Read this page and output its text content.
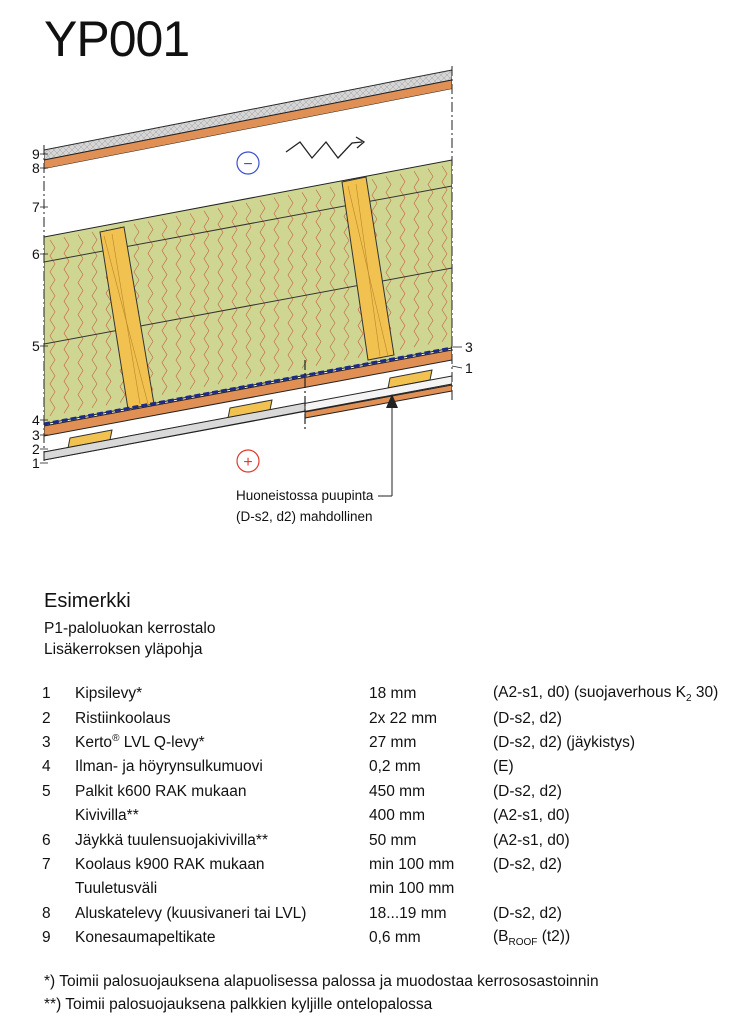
YP001
9
8
7
6
5
4
3
2
1
3
1
−
+
Huoneistossa puupinta
(D-s2, d2) mahdollinen
Esimerkki
P1-paloluokan kerrostalo
Lisäkerroksen yläpohja
1	Kipsilevy*	18 mm	(A2-s1, d0) (suojaverhous $K_2$ 30)
2	Ristiinkoolaus	2x 22 mm	(D-s2, d2)
3	Kerto® LVL Q-levy*	27 mm	(D-s2, d2) (jäykistys)
4	Ilman- ja höyrynsulkumuovi	0,2 mm	(E)
5	Palkit k600 RAK mukaan	450 mm	(D-s2, d2)
	Kivivilla**	400 mm	(A2-s1, d0)
6	Jäykkä tuulensuojakivivilla**	50 mm	(A2-s1, d0)
7	Koolaus k900 RAK mukaan	min 100 mm	(D-s2, d2)
	Tuuletusväli	min 100 mm	
8	Aluskatelevy (kuusivaneri tai LVL)	18...19 mm	(D-s2, d2)
9	Konesaumapeltikate	0,6 mm	($B_{ROOF}$ (t2))
*) Toimii palosuojauksena alapuolisessa palossa ja muodostaa kerrososastoinnin
**) Toimii palosuojauksena palkkien kyljille ontelopalossa
